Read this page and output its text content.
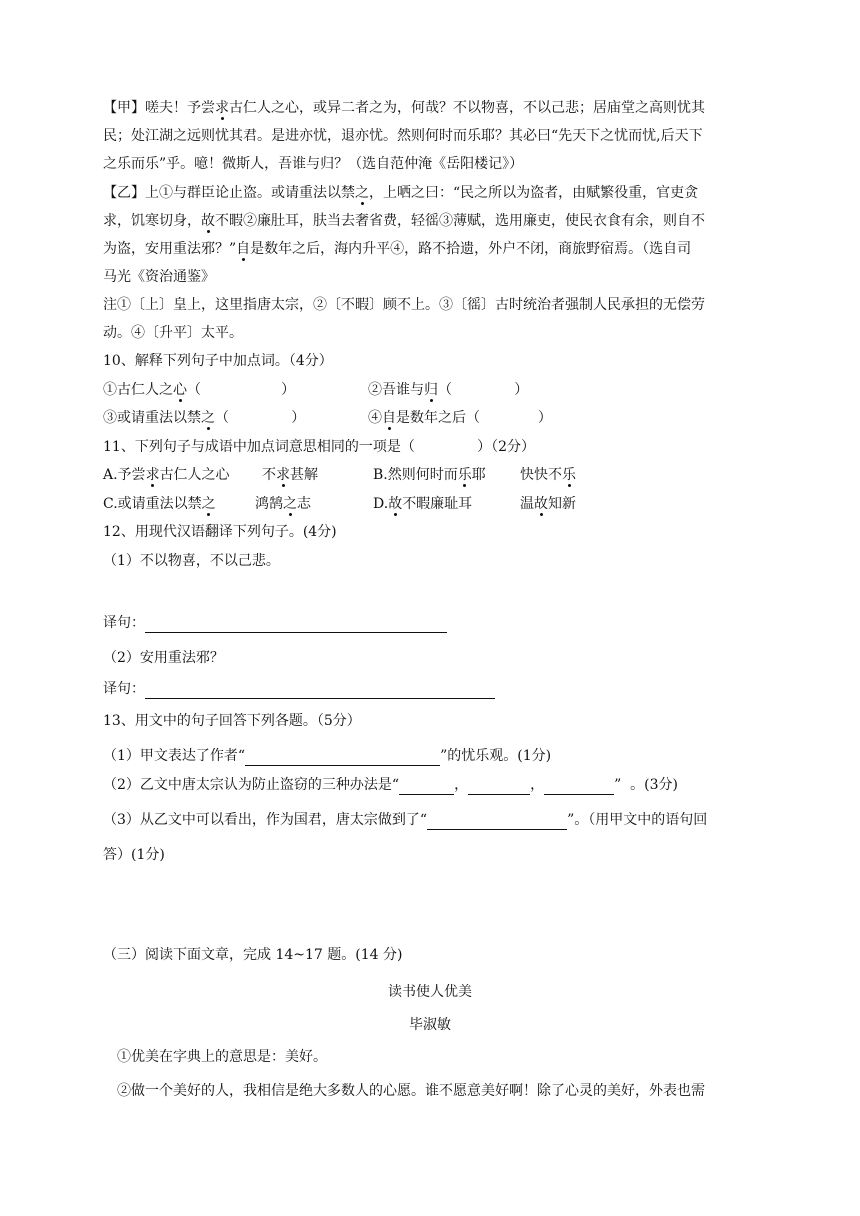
【甲】嗟夫！予尝求古仁人之心，或异二者之为，何哉？不以物喜，不以己悲；居庙堂之高则忧其
民；处江湖之远则忧其君。是进亦忧，退亦忧。然则何时而乐耶？其必曰“先天下之忧而忧,后天下
之乐而乐”乎。噫！微斯人，吾谁与归？（选自范仲淹《岳阳楼记》）
【乙】上①与群臣论止盗。或请重法以禁之，上哂之曰：“民之所以为盗者，由赋繁役重，官吏贪
求，饥寒切身，故不暇②廉肚耳，肤当去奢省费，轻徭③薄赋，选用廉吏，使民衣食有余，则自不
为盗，安用重法邪？”自是数年之后，海内升平④，路不拾遗，外户不闭，商旅野宿焉。（选自司
马光《资治通鉴》
注①〔上〕皇上，这里指唐太宗，②〔不暇〕顾不上。③〔徭〕古时统治者强制人民承担的无偿劳
动。④〔升平〕太平。
10、解释下列句子中加点词。（4分）
①古仁人之心（                  ）	②吾谁与归（              ）
③或请重法以禁之（              ）	④自是数年之后（             ）
11、下列句子与成语中加点词意思相同的一项是（              ）（2分）
A.予尝求古仁人之心 不求甚解	B.然则何时而乐耶 快快不乐
C.或请重法以禁之	鸿鹄之志	D.故不暇廉耻耳	温故知新
12、用现代汉语翻译下列句子。(4分)
（1）不以物喜，不以己悲。
译句：
（2）安用重法邪？
译句：
13、用文中的句子回答下列各题。（5分）
（1）甲文表达了作者“	”的忧乐观。(1分)
（2）乙文中唐太宗认为防止盗窃的三种办法是“	，	，	”  。(3分)
（3）从乙文中可以看出，作为国君，唐太宗做到了“	”。（用甲文中的语句回
答）(1分)
（三）阅读下面文章，完成 14~17 题。(14 分)
读书使人优美
毕淑敏
①优美在字典上的意思是：美好。
②做一个美好的人，我相信是绝大多数人的心愿。谁不愿意美好啊！除了心灵的美好，外表也需
